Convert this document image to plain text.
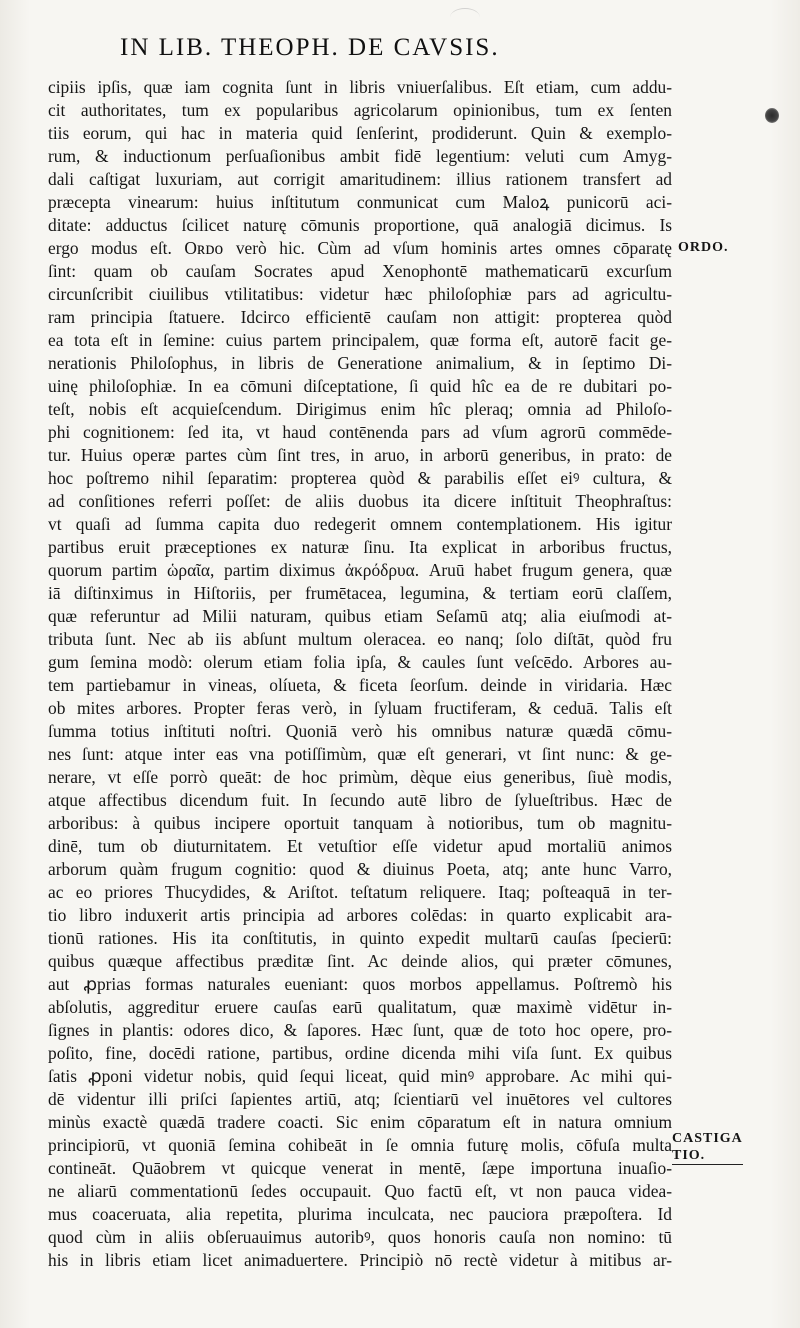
IN LIB. THEOPH. DE CAVSIS.
ORDO.
CASTIGA
TIO.
cipiis ipſis, quæ iam cognita ſunt in libris vniuerſalibus. Eſt etiam, cum addu-
cit authoritates, tum ex popularibus agricolarum opinionibus, tum ex ſenten
tiis eorum, qui hac in materia quid ſenſerint, prodiderunt. Quin & exemplo-
rum, & inductionum perſuaſionibus ambit fidē legentium: veluti cum Amyg-
dali caſtigat luxuriam, aut corrigit amaritudinem: illius rationem transfert ad
præcepta vinearum: huius inſtitutum conmunicat cum Maloꝝ punicorū aci-
ditate: adductus ſcilicet naturę cōmunis proportione, quā analogiā dicimus. Is
ergo modus eſt. Oʀᴅᴏ verò hic. Cùm ad vſum hominis artes omnes cōparatę
ſint: quam ob cauſam Socrates apud Xenophontē mathematicarū excurſum
circunſcribit ciuilibus vtilitatibus: videtur hæc philoſophiæ pars ad agricultu-
ram principia ſtatuere. Idcirco efficientē cauſam non attigit: propterea quòd
ea tota eſt in ſemine: cuius partem principalem, quæ forma eſt, autorē facit ge-
nerationis Philoſophus, in libris de Generatione animalium, & in ſeptimo Di-
uinę philoſophiæ. In ea cōmuni diſceptatione, ſi quid hîc ea de re dubitari po-
teſt, nobis eſt acquieſcendum. Dirigimus enim hîc pleraq; omnia ad Philoſo-
phi cognitionem: ſed ita, vt haud contēnenda pars ad vſum agrorū commēde-
tur. Huius operæ partes cùm ſint tres, in aruo, in arborū generibus, in prato: de
hoc poſtremo nihil ſeparatim: propterea quòd & parabilis eſſet eiꝰ cultura, &
ad conſitiones referri poſſet: de aliis duobus ita dicere inſtituit Theophraſtus:
vt quaſi ad ſumma capita duo redegerit omnem contemplationem. His igitur
partibus eruit præceptiones ex naturæ ſinu. Ita explicat in arboribus fructus,
quorum partim ὡραῖα, partim diximus ἀκρόδρυα. Aruū habet frugum genera, quæ
iā diſtinximus in Hiſtoriis, per frumētacea, legumina, & tertiam eorū claſſem,
quæ referuntur ad Milii naturam, quibus etiam Seſamū atq; alia eiuſmodi at-
tributa ſunt. Nec ab iis abſunt multum oleracea. eo nanq; ſolo diſtāt, quòd fru
gum ſemina modò: olerum etiam folia ipſa, & caules ſunt veſcēdo. Arbores au-
tem partiebamur in vineas, olíueta, & ficeta ſeorſum. deinde in viridaria. Hæc
ob mites arbores. Propter feras verò, in ſyluam fructiferam, & ceduā. Talis eſt
ſumma totius inſtituti noſtri. Quoniā verò his omnibus naturæ quædā cōmu-
nes ſunt: atque inter eas vna potiſſimùm, quæ eſt generari, vt ſint nunc: & ge-
nerare, vt eſſe porrò queāt: de hoc primùm, dèque eius generibus, ſiuè modis,
atque affectibus dicendum fuit. In ſecundo autē libro de ſylueſtribus. Hæc de
arboribus: à quibus incipere oportuit tanquam à notioribus, tum ob magnitu-
dinē, tum ob diuturnitatem. Et vetuſtior eſſe videtur apud mortaliū animos
arborum quàm frugum cognitio: quod & diuinus Poeta, atq; ante hunc Varro,
ac eo priores Thucydides, & Ariſtot. teſtatum reliquere. Itaq; poſteaquā in ter-
tio libro induxerit artis principia ad arbores colēdas: in quarto explicabit ara-
tionū rationes. His ita conſtitutis, in quinto expedit multarū cauſas ſpecierū:
quibus quæque affectibus præditæ ſint. Ac deinde alios, qui præter cōmunes,
aut ꝓprias formas naturales eueniant: quos morbos appellamus. Poſtremò his
abſolutis, aggreditur eruere cauſas earū qualitatum, quæ maximè vidētur in-
ſignes in plantis: odores dico, & ſapores. Hæc ſunt, quæ de toto hoc opere, pro-
poſito, fine, docēdi ratione, partibus, ordine dicenda mihi viſa ſunt. Ex quibus
ſatis ꝓponi videtur nobis, quid ſequi liceat, quid minꝰ approbare. Ac mihi qui-
dē videntur illi priſci ſapientes artiū, atq; ſcientiarū vel inuētores vel cultores
minùs exactè quædā tradere coacti. Sic enim cōparatum eſt in natura omnium
principiorū, vt quoniā ſemina cohibeāt in ſe omnia futurę molis, cōfuſa multa
contineāt. Quāobrem vt quicque venerat in mentē, ſæpe importuna inuaſio-
ne aliarū commentationū ſedes occupauit. Quo factū eſt, vt non pauca videa-
mus coaceruata, alia repetita, plurima inculcata, nec pauciora præpoſtera. Id
quod cùm in aliis obſeruauimus autoribꝰ, quos honoris cauſa non nomino: tū
his in libris etiam licet animaduertere. Principiò nō rectè videtur à mitibus ar-
